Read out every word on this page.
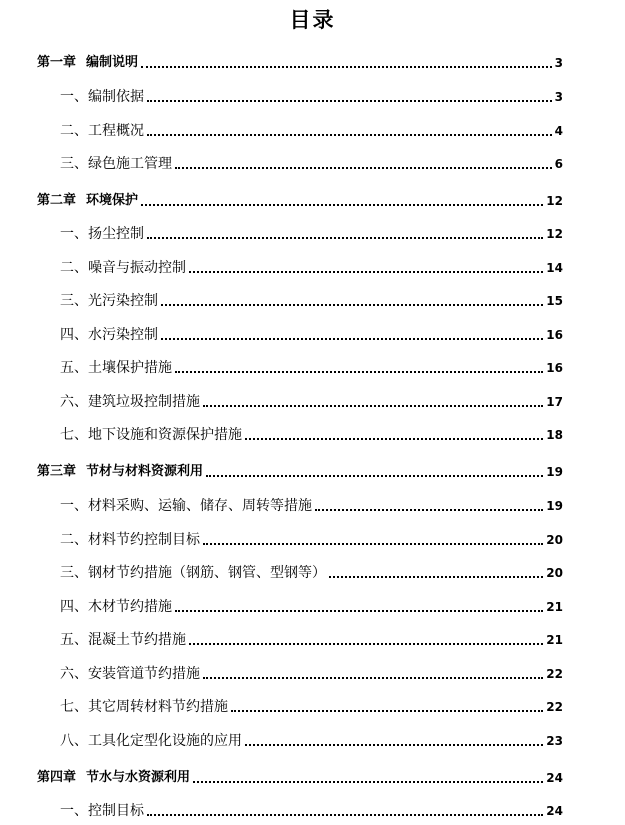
目录
第一章 编制说明	3
一、编制依据	3
二、工程概况	4
三、绿色施工管理	6
第二章 环境保护	12
一、扬尘控制	12
二、噪音与振动控制	14
三、光污染控制	15
四、水污染控制	16
五、土壤保护措施	16
六、建筑垃圾控制措施	17
七、地下设施和资源保护措施	18
第三章 节材与材料资源利用	19
一、材料采购、运输、储存、周转等措施	19
二、材料节约控制目标	20
三、钢材节约措施（钢筋、钢管、型钢等）	20
四、木材节约措施	21
五、混凝土节约措施	21
六、安装管道节约措施	22
七、其它周转材料节约措施	22
八、工具化定型化设施的应用	23
第四章 节水与水资源利用	24
一、控制目标	24
